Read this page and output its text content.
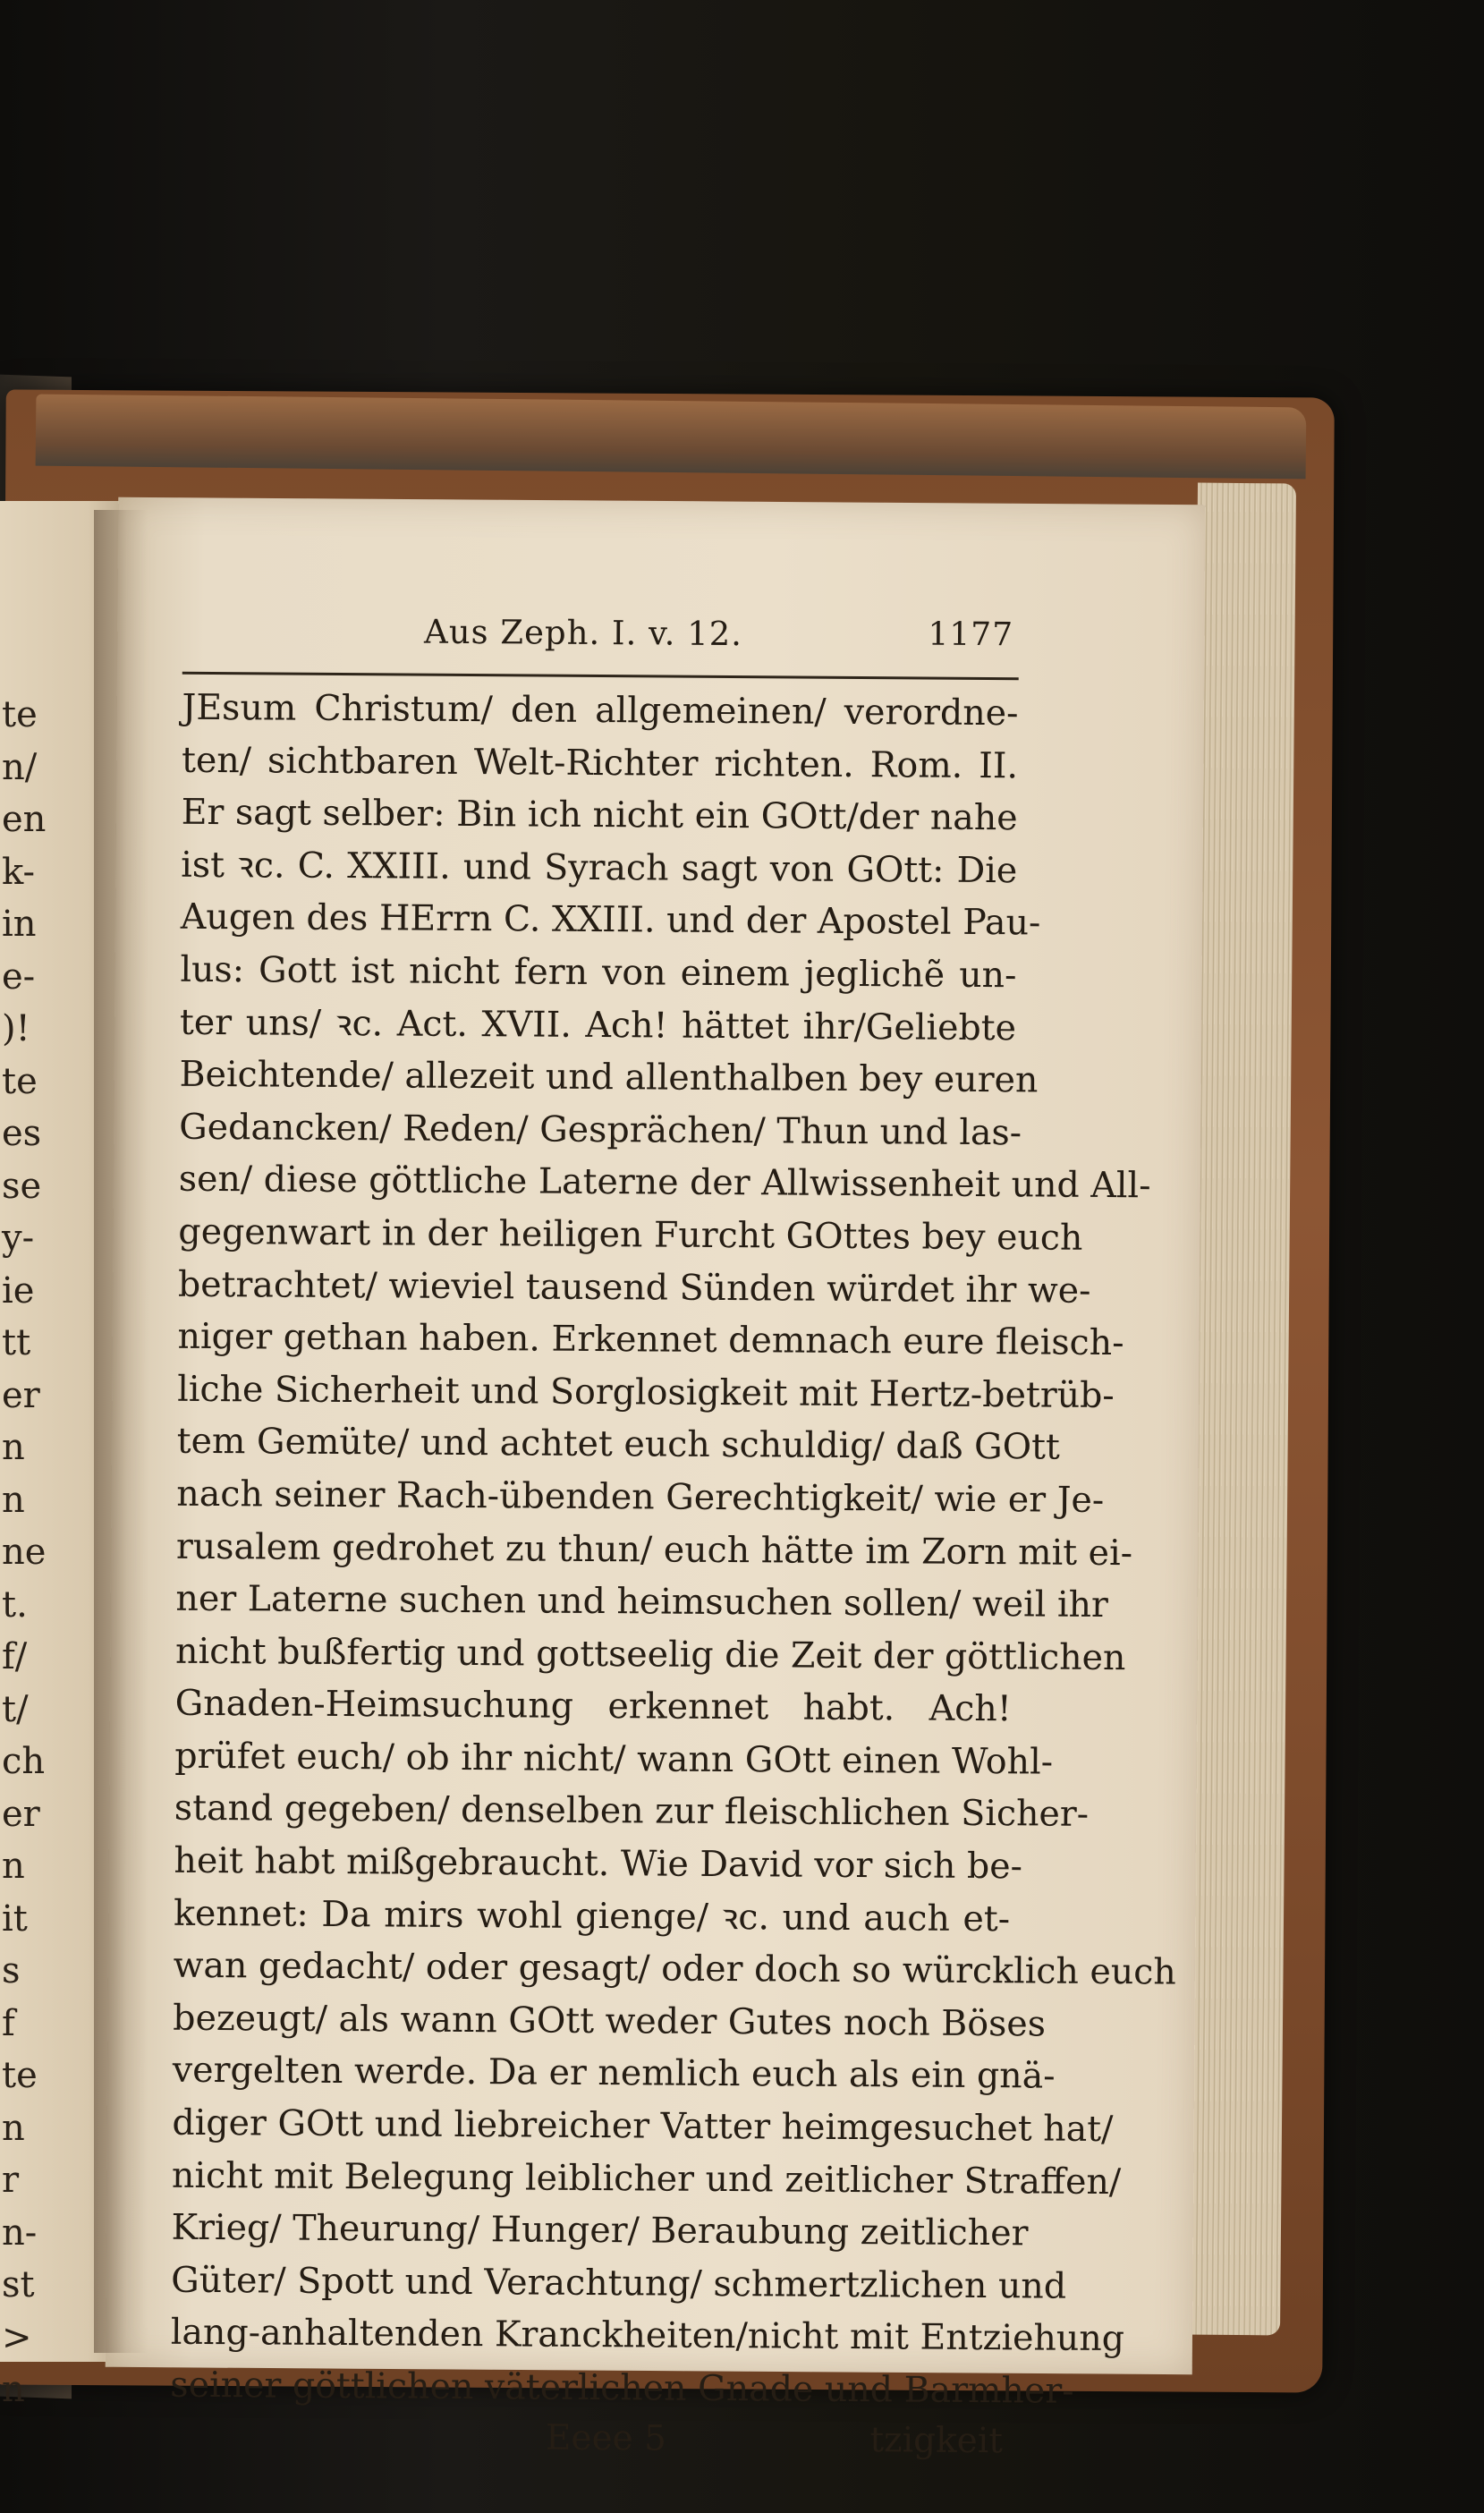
te
n/
en
k-
in
e-
)!
te
es
se
y-
ie
tt
er
n
n
ne
t.
f/
t/
ch
er
n
it
s
f
te
n
r
n-
st
>
n
Aus Zeph. I. v. 12.	1177
JEsum Christum/ den allgemeinen/ verordne-
ten/ sichtbaren Welt-Richter richten. Rom. II.
Er sagt selber: Bin ich nicht ein GOtt/der nahe
ist ꝛc. C. XXIII. und Syrach sagt von GOtt: Die
Augen des HErrn C. XXIII. und der Apostel Pau-
lus: Gott ist nicht fern von einem jeglichẽ un-
ter uns/ ꝛc. Act. XVII. Ach! hättet ihr/Geliebte
Beichtende/ allezeit und allenthalben bey euren
Gedancken/ Reden/ Gesprächen/ Thun und las-
sen/ diese göttliche Laterne der Allwissenheit und All-
gegenwart in der heiligen Furcht GOttes bey euch
betrachtet/ wieviel tausend Sünden würdet ihr we-
niger gethan haben. Erkennet demnach eure fleisch-
liche Sicherheit und Sorglosigkeit mit Hertz-betrüb-
tem Gemüte/ und achtet euch schuldig/ daß GOtt
nach seiner Rach-übenden Gerechtigkeit/ wie er Je-
rusalem gedrohet zu thun/ euch hätte im Zorn mit ei-
ner Laterne suchen und heimsuchen sollen/ weil ihr
nicht bußfertig und gottseelig die Zeit der göttlichen
Gnaden-Heimsuchung erkennet habt. Ach!
prüfet euch/ ob ihr nicht/ wann GOtt einen Wohl-
stand gegeben/ denselben zur fleischlichen Sicher-
heit habt mißgebraucht. Wie David vor sich be-
kennet: Da mirs wohl gienge/ ꝛc. und auch et-
wan gedacht/ oder gesagt/ oder doch so würcklich euch
bezeugt/ als wann GOtt weder Gutes noch Böses
vergelten werde. Da er nemlich euch als ein gnä-
diger GOtt und liebreicher Vatter heimgesuchet hat/
nicht mit Belegung leiblicher und zeitlicher Straffen/
Krieg/ Theurung/ Hunger/ Beraubung zeitlicher
Güter/ Spott und Verachtung/ schmertzlichen und
lang-anhaltenden Kranckheiten/nicht mit Entziehung
seiner göttlichen väterlichen Gnade und Barmher-
Eeee 5	tzigkeit
